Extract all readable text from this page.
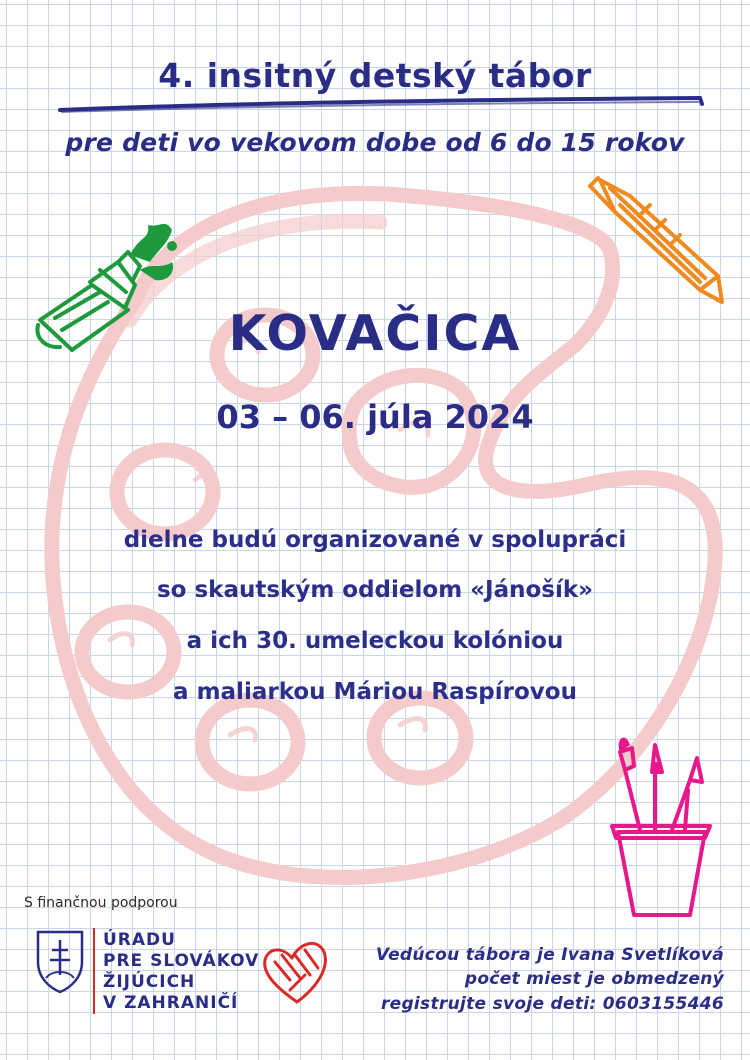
4. insitný detský tábor
pre deti vo vekovom dobe od 6 do 15 rokov
KOVAČICA
03 – 06. júla 2024
dielne budú organizované v spolupráci
so skautským oddielom «Jánošík»
a ich 30. umeleckou kolóniou
a maliarkou Máriou Raspírovou
S finančnou podporou
ÚRADU
PRE SLOVÁKOV
ŽIJÚCICH
V ZAHRANIČÍ
Vedúcou tábora je Ivana Svetlíková
počet miest je obmedzený
registrujte svoje deti: 0603155446
